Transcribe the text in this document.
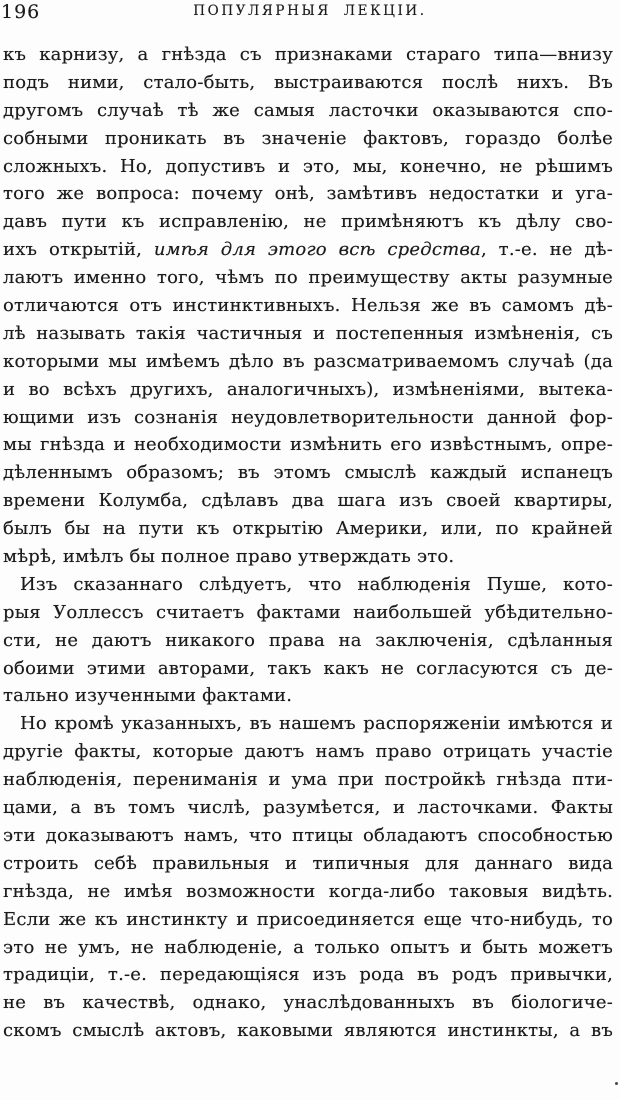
196	ПОПУЛЯРНЫЯ ЛЕКЦІИ.
къ карнизу, а гнѣзда съ признаками стараго типа—внизу
подъ ними, стало-быть, выстраиваются послѣ нихъ. Въ
другомъ случаѣ тѣ же самыя ласточки оказываются спо-
собными проникать въ значеніе фактовъ, гораздо болѣе
сложныхъ. Но, допустивъ и это, мы, конечно, не рѣшимъ
того же вопроса: почему онѣ, замѣтивъ недостатки и уга-
давъ пути къ исправленію, не примѣняютъ къ дѣлу сво-
ихъ открытій, имѣя для этого всѣ средства, т.-е. не дѣ-
лаютъ именно того, чѣмъ по преимуществу акты разумные
отличаются отъ инстинктивныхъ. Нельзя же въ самомъ дѣ-
лѣ называть такія частичныя и постепенныя измѣненія, съ
которыми мы имѣемъ дѣло въ разсматриваемомъ случаѣ (да
и во всѣхъ другихъ, аналогичныхъ), измѣненіями, вытека-
ющими изъ сознанія неудовлетворительности данной фор-
мы гнѣзда и необходимости измѣнить его извѣстнымъ, опре-
дѣленнымъ образомъ; въ этомъ смыслѣ каждый испанецъ
времени Колумба, сдѣлавъ два шага изъ своей квартиры,
былъ бы на пути къ открытію Америки, или, по крайней
мѣрѣ, имѣлъ бы полное право утверждать это.
Изъ сказаннаго слѣдуетъ, что наблюденія Пуше, кото-
рыя Уоллессъ считаетъ фактами наибольшей убѣдительно-
сти, не даютъ никакого права на заключенія, сдѣланныя
обоими этими авторами, такъ какъ не согласуются съ де-
тально изученными фактами.
Но кромѣ указанныхъ, въ нашемъ распоряженіи имѣются и
другіе факты, которые даютъ намъ право отрицать участіе
наблюденія, перениманія и ума при постройкѣ гнѣзда пти-
цами, а въ томъ числѣ, разумѣется, и ласточками. Факты
эти доказываютъ намъ, что птицы обладаютъ способностью
строить себѣ правильныя и типичныя для даннаго вида
гнѣзда, не имѣя возможности когда-либо таковыя видѣть.
Если же къ инстинкту и присоединяется еще что-нибудь, то
это не умъ, не наблюденіе, а только опытъ и быть можетъ
традиціи, т.-е. передающіяся изъ рода въ родъ привычки,
не въ качествѣ, однако, унаслѣдованныхъ въ біологиче-
скомъ смыслѣ актовъ, каковыми являются инстинкты, а въ
